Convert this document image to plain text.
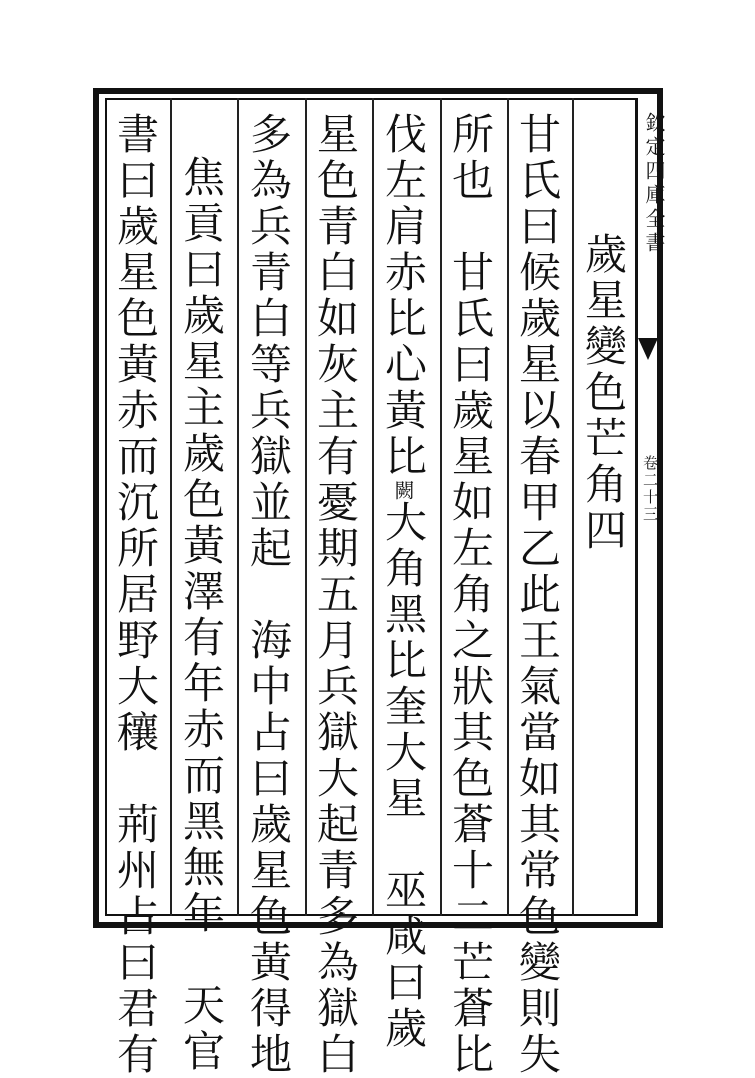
欽定四庫全書
卷二十三
歲星變色芒角四
甘氏曰候歲星以春甲乙此王氣當如其常色變則失
所也　甘氏曰歲星如左角之狀其色蒼十二芒蒼比
伐左肩赤比心黃比闕大角黑比奎大星　巫咸曰歲
星色青白如灰主有憂期五月兵獄大起青多為獄白
多為兵青白等兵獄並起　海中占曰歲星色黃得地
焦貢曰歲星主歲色黃澤有年赤而黑無年　天官
書曰歲星色黃赤而沉所居野大穰　荊州占曰君有
